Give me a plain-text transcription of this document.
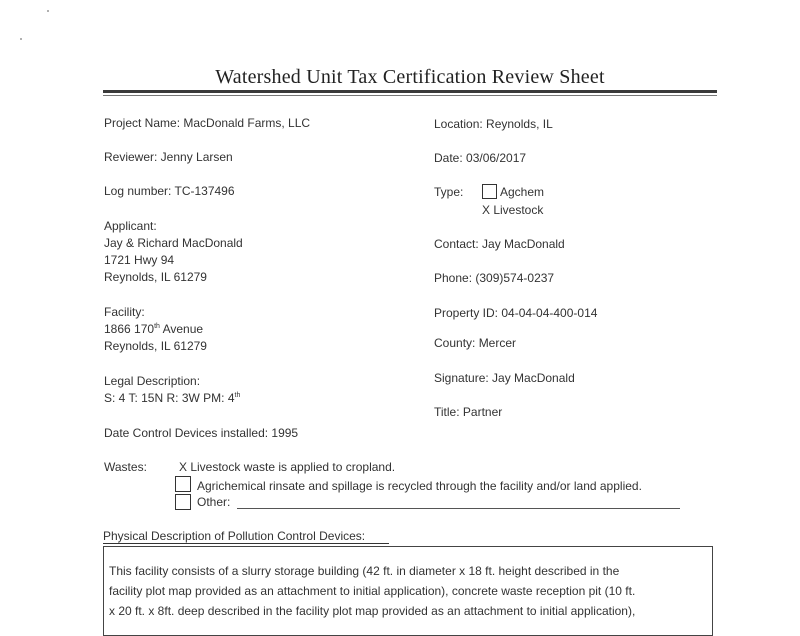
Watershed Unit Tax Certification Review Sheet
Project Name: MacDonald Farms, LLC
Reviewer: Jenny Larsen
Log number: TC-137496
Applicant:
Jay & Richard MacDonald
1721 Hwy 94
Reynolds, IL 61279
Facility:
1866 170th Avenue
Reynolds, IL 61279
Legal Description:
S: 4 T: 15N R: 3W PM: 4th
Date Control Devices installed: 1995
Location: Reynolds, IL
Date: 03/06/2017
Type:	Agchem
X Livestock
Contact: Jay MacDonald
Phone: (309)574-0237
Property ID: 04-04-04-400-014
County: Mercer
Signature: Jay MacDonald
Title: Partner
Wastes:	X Livestock waste is applied to cropland.
Agrichemical rinsate and spillage is recycled through the facility and/or land applied.
Other:
Physical Description of Pollution Control Devices:
This facility consists of a slurry storage building (42 ft. in diameter x 18 ft. height described in the
facility plot map provided as an attachment to initial application), concrete waste reception pit (10 ft.
x 20 ft. x 8ft. deep described in the facility plot map provided as an attachment to initial application),
